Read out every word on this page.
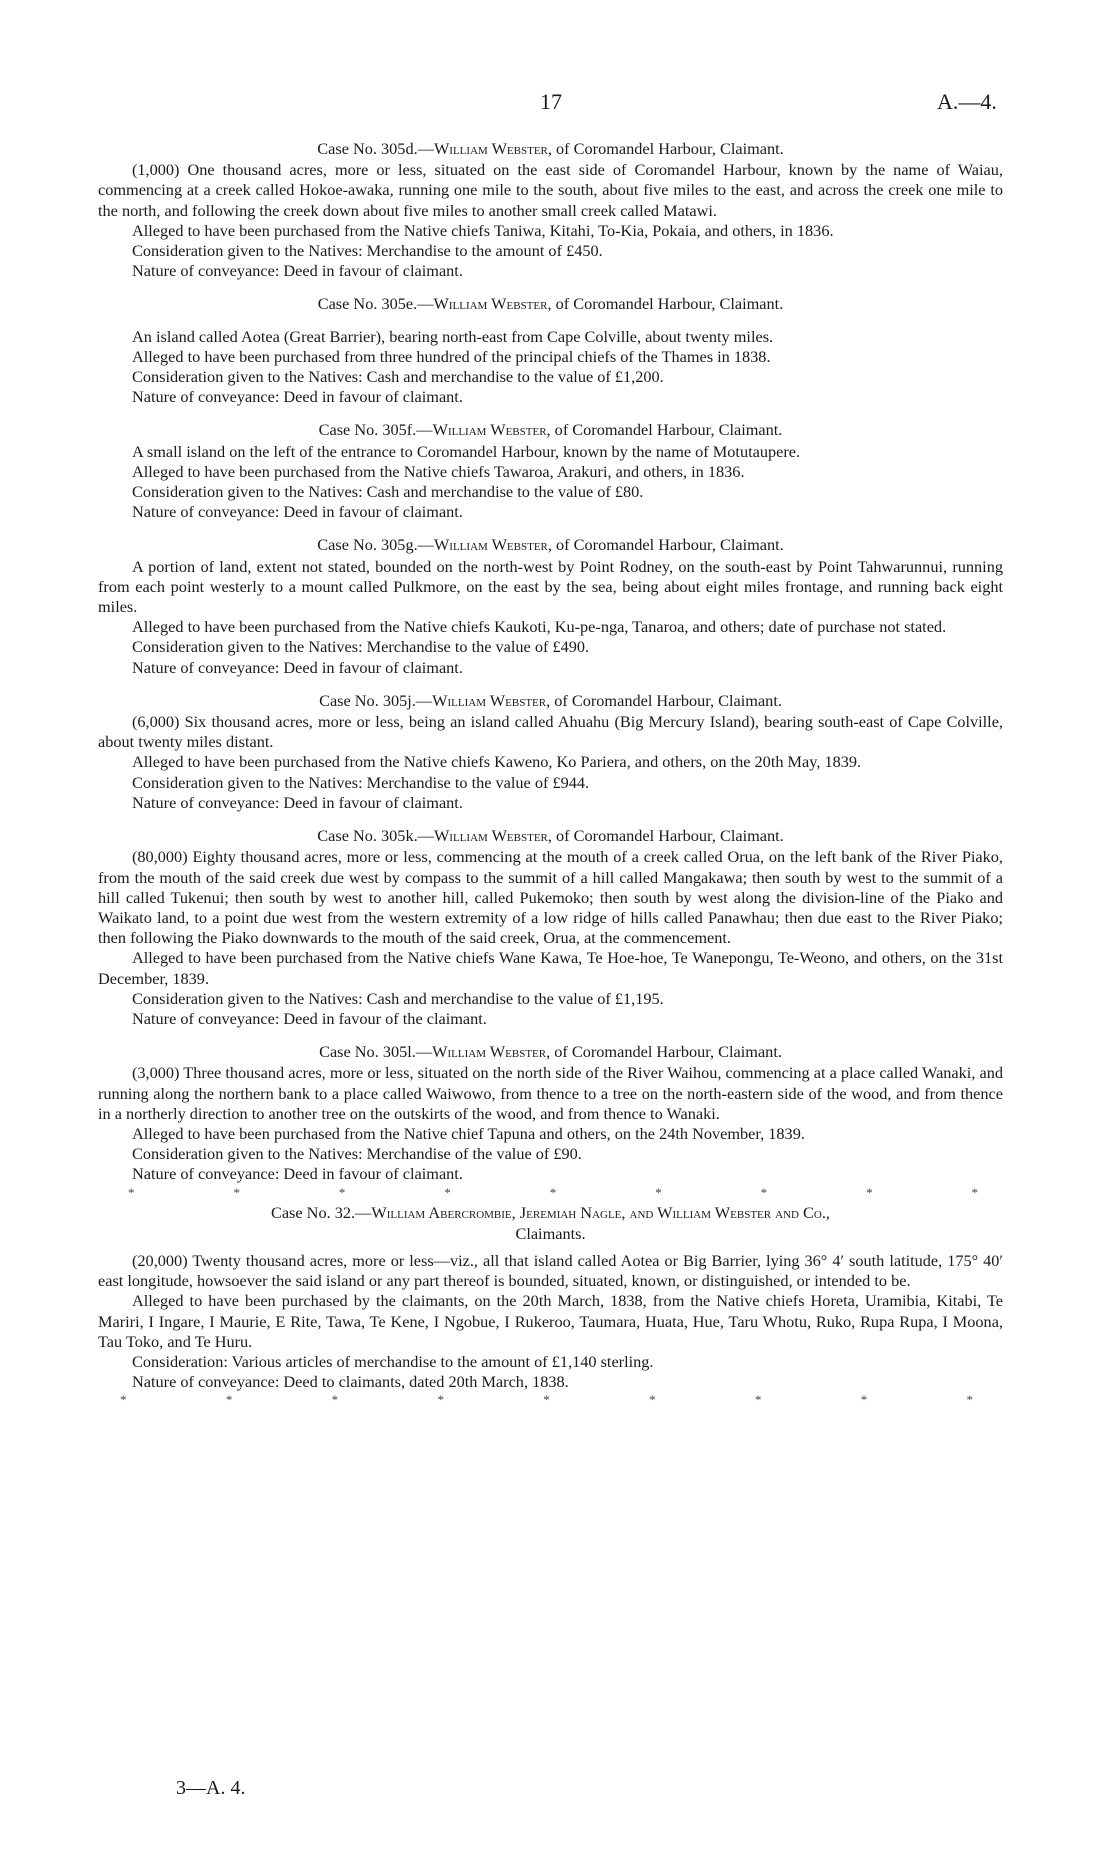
17	A.—4.
Case No. 305d.—William Webster, of Coromandel Harbour, Claimant.

(1,000) One thousand acres, more or less, situated on the east side of Coromandel Harbour, known by the name of Waiau, commencing at a creek called Hokoe-awaka, running one mile to the south, about five miles to the east, and across the creek one mile to the north, and following the creek down about five miles to another small creek called Matawi.

Alleged to have been purchased from the Native chiefs Taniwa, Kitahi, To-Kia, Pokaia, and others, in 1836.

Consideration given to the Natives: Merchandise to the amount of £450.

Nature of conveyance: Deed in favour of claimant.

Case No. 305e.—William Webster, of Coromandel Harbour, Claimant.

An island called Aotea (Great Barrier), bearing north-east from Cape Colville, about twenty miles.

Alleged to have been purchased from three hundred of the principal chiefs of the Thames in 1838.

Consideration given to the Natives: Cash and merchandise to the value of £1,200.

Nature of conveyance: Deed in favour of claimant.

Case No. 305f.—William Webster, of Coromandel Harbour, Claimant.

A small island on the left of the entrance to Coromandel Harbour, known by the name of Motutaupere.

Alleged to have been purchased from the Native chiefs Tawaroa, Arakuri, and others, in 1836.

Consideration given to the Natives: Cash and merchandise to the value of £80.

Nature of conveyance: Deed in favour of claimant.

Case No. 305g.—William Webster, of Coromandel Harbour, Claimant.

A portion of land, extent not stated, bounded on the north-west by Point Rodney, on the south-east by Point Tahwarunnui, running from each point westerly to a mount called Pulkmore, on the east by the sea, being about eight miles frontage, and running back eight miles.

Alleged to have been purchased from the Native chiefs Kaukoti, Ku-pe-nga, Tanaroa, and others; date of purchase not stated.

Consideration given to the Natives: Merchandise to the value of £490.

Nature of conveyance: Deed in favour of claimant.

Case No. 305j.—William Webster, of Coromandel Harbour, Claimant.

(6,000) Six thousand acres, more or less, being an island called Ahuahu (Big Mercury Island), bearing south-east of Cape Colville, about twenty miles distant.

Alleged to have been purchased from the Native chiefs Kaweno, Ko Pariera, and others, on the 20th May, 1839.

Consideration given to the Natives: Merchandise to the value of £944.

Nature of conveyance: Deed in favour of claimant.

Case No. 305k.—William Webster, of Coromandel Harbour, Claimant.

(80,000) Eighty thousand acres, more or less, commencing at the mouth of a creek called Orua, on the left bank of the River Piako, from the mouth of the said creek due west by compass to the summit of a hill called Mangakawa; then south by west to the summit of a hill called Tukenui; then south by west to another hill, called Pukemoko; then south by west along the division-line of the Piako and Waikato land, to a point due west from the western extremity of a low ridge of hills called Panawhau; then due east to the River Piako; then following the Piako downwards to the mouth of the said creek, Orua, at the commencement.

Alleged to have been purchased from the Native chiefs Wane Kawa, Te Hoe-hoe, Te Wanepongu, Te-Weono, and others, on the 31st December, 1839.

Consideration given to the Natives: Cash and merchandise to the value of £1,195.

Nature of conveyance: Deed in favour of the claimant.

Case No. 305l.—William Webster, of Coromandel Harbour, Claimant.

(3,000) Three thousand acres, more or less, situated on the north side of the River Waihou, commencing at a place called Wanaki, and running along the northern bank to a place called Waiwowo, from thence to a tree on the north-eastern side of the wood, and from thence in a northerly direction to another tree on the outskirts of the wood, and from thence to Wanaki.

Alleged to have been purchased from the Native chief Tapuna and others, on the 24th November, 1839.

Consideration given to the Natives: Merchandise of the value of £90.

Nature of conveyance: Deed in favour of claimant.

*	*	*	*	*	*	*	*	*
Case No. 32.—William Abercrombie, Jeremiah Nagle, and William Webster and Co.,
Claimants.

(20,000) Twenty thousand acres, more or less—viz., all that island called Aotea or Big Barrier, lying 36° 4′ south latitude, 175° 40′ east longitude, howsoever the said island or any part thereof is bounded, situated, known, or distinguished, or intended to be.

Alleged to have been purchased by the claimants, on the 20th March, 1838, from the Native chiefs Horeta, Uramibia, Kitabi, Te Mariri, I Ingare, I Maurie, E Rite, Tawa, Te Kene, I Ngobue, I Rukeroo, Taumara, Huata, Hue, Taru Whotu, Ruko, Rupa Rupa, I Moona, Tau Toko, and Te Huru.

Consideration: Various articles of merchandise to the amount of £1,140 sterling.

Nature of conveyance: Deed to claimants, dated 20th March, 1838.

*	*	*	*	*	*	*	*	*
3—A. 4.
